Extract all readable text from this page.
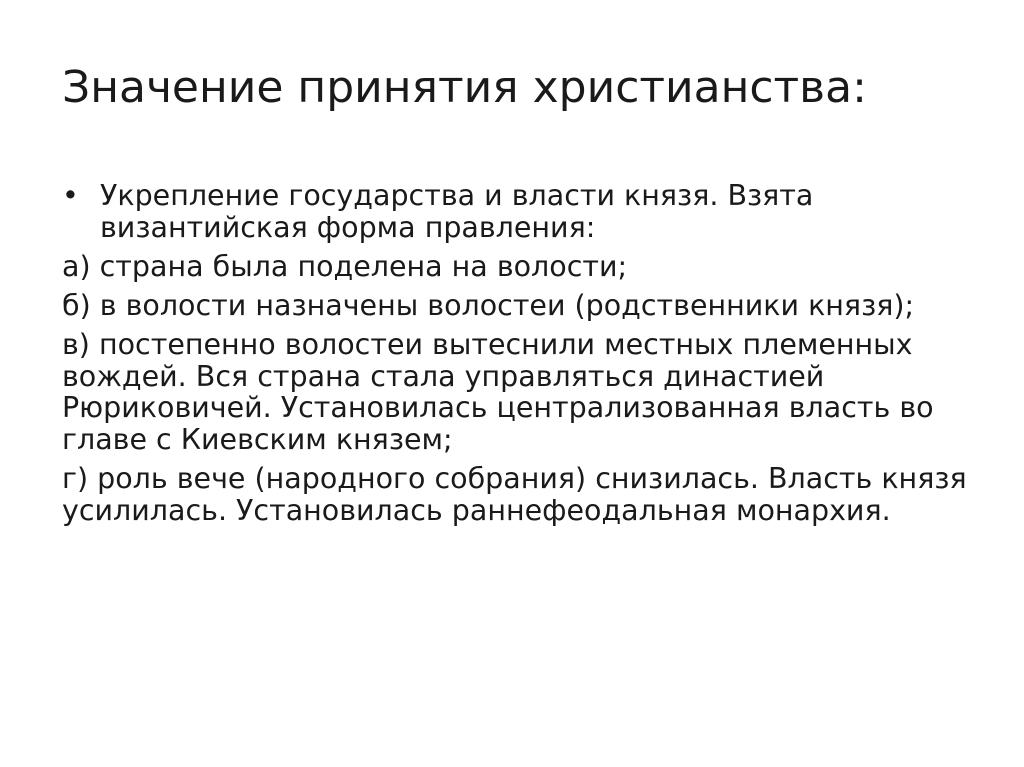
Значение принятия христианства:
• Укрепление государства и власти князя. Взята византийская форма правления:

а) страна была поделена на волости;

б) в волости назначены волостеи (родственники князя);

в) постепенно волостеи вытеснили местных племенных вождей. Вся страна стала управляться династией Рюриковичей. Установилась централизованная власть во главе с Киевским князем;

г) роль вече (народного собрания) снизилась. Власть князя усилилась. Установилась раннефеодальная монархия.
